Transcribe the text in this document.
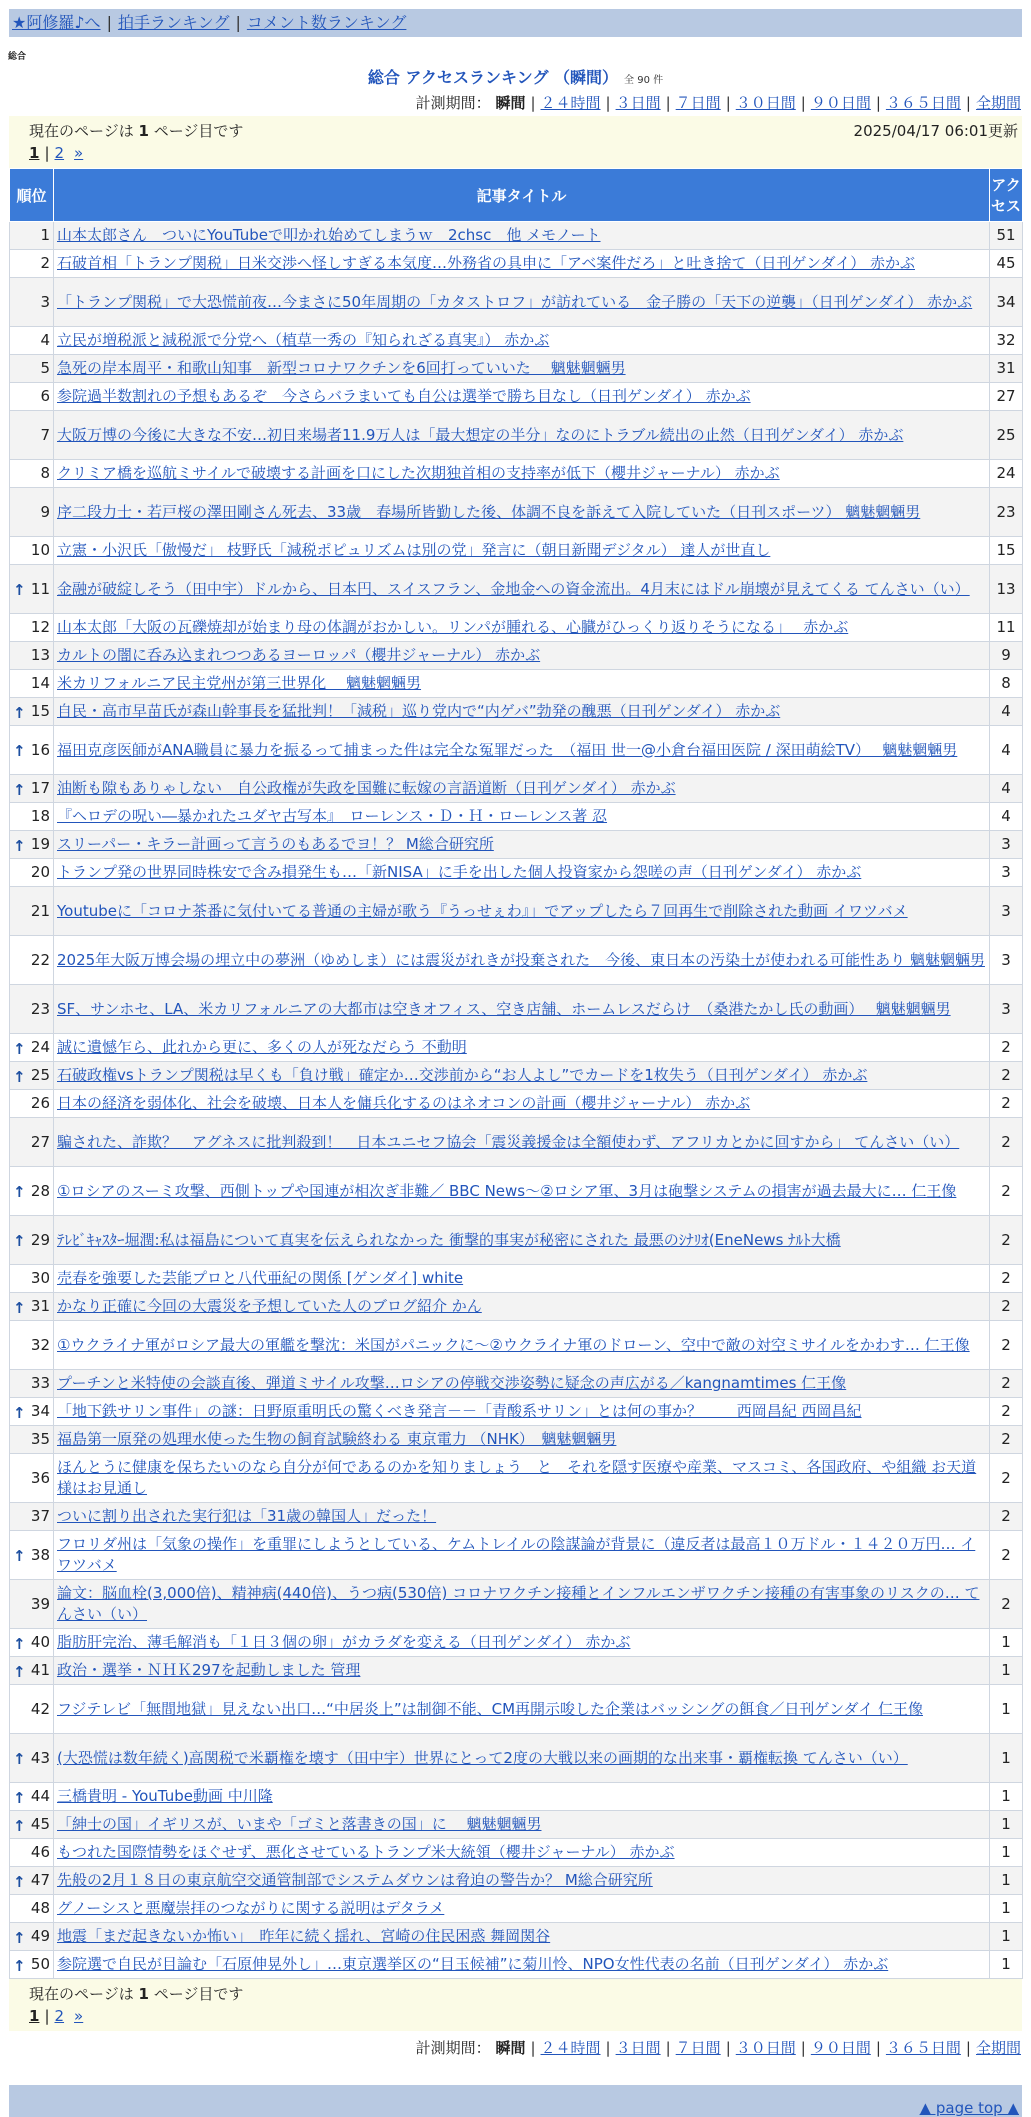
★阿修羅♪へ | 拍手ランキング | コメント数ランキング
総合
総合 アクセスランキング （瞬間） 全 90 件
計測期間： 瞬間 | ２４時間 | ３日間 | ７日間 | ３０日間 | ９０日間 | ３６５日間 | 全期間
現在のページは 1 ページ目です	2025/04/17 06:01更新
1 | 2 »
順位	記事タイトル	アクセス
1	山本太郎さん　ついにYouTubeで叩かれ始めてしまうｗ　2chsc　他 メモノート	51
2	石破首相「トランプ関税」日米交渉へ怪しすぎる本気度…外務省の具申に「アベ案件だろ」と吐き捨て（日刊ゲンダイ） 赤かぶ	45
3	「トランプ関税」で大恐慌前夜…今まさに50年周期の「カタストロフ」が訪れている　金子勝の「天下の逆襲」（日刊ゲンダイ） 赤かぶ	34
4	立民が増税派と減税派で分党へ（植草一秀の『知られざる真実』） 赤かぶ	32
5	急死の岸本周平・和歌山知事　新型コロナワクチンを6回打っていいた　 魑魅魍魎男	31
6	参院過半数割れの予想もあるぞ　今さらバラまいても自公は選挙で勝ち目なし（日刊ゲンダイ） 赤かぶ	27
7	大阪万博の今後に大きな不安…初日来場者11.9万人は「最大想定の半分」なのにトラブル続出の⽌然（日刊ゲンダイ） 赤かぶ	25
8	クリミア橋を巡航ミサイルで破壊する計画を口にした次期独首相の支持率が低下（櫻井ジャーナル） 赤かぶ	24
9	序二段力士・若戸桜の澤田剛さん死去、33歳　春場所皆勤した後、体調不良を訴えて入院していた（日刊スポーツ） 魑魅魍魎男	23
10	立憲・小沢氏「傲慢だ」 枝野氏「減税ポピュリズムは別の党」発言に（朝日新聞デジタル） 達人が世直し	15

↑ 11	金融が破綻しそう（田中宇）ドルから、日本円、スイスフラン、金地金への資金流出。4月末にはドル崩壊が見えてくる てんさい（い）	13
12	山本太郎「大阪の瓦礫焼却が始まり母の体調がおかしい。リンパが腫れる、心臓がひっくり返りそうになる」　 赤かぶ	11
13	カルトの闇に呑み込まれつつあるヨーロッパ（櫻井ジャーナル） 赤かぶ	9
14	米カリフォルニア民主党州が第三世界化　 魑魅魍魎男	8

↑ 15	自民・高市早苗氏が森山幹事長を猛批判！「減税」巡り党内で“内ゲバ”勃発の醜悪（日刊ゲンダイ） 赤かぶ	4

↑ 16	福田克彦医師がANA職員に暴力を振るって捕まった件は完全な冤罪だった　（福田 世一@小倉台福田医院 / 深田萌絵TV）　 魑魅魍魎男	4

↑ 17	油断も隙もありゃしない　自公政権が失政を国難に転嫁の言語道断（日刊ゲンダイ） 赤かぶ	4
18	『ヘロデの呪い―暴かれたユダヤ古写本』　ローレンス・Ｄ・Ｈ・ローレンス著 忍	4

↑ 19	スリーパー・キラー計画って言うのもあるでヨ！？ M総合研究所	3
20	トランプ発の世界同時株安で含み損発生も…「新NISA」に手を出した個人投資家から怨嗟の声（日刊ゲンダイ） 赤かぶ	3
21	Youtubeに「コロナ茶番に気付いてる普通の主婦が歌う『うっせぇわ』」でアップしたら７回再生で削除された動画 イワツバメ	3
22	2025年大阪万博会場の埋立中の夢洲（ゆめしま）には震災がれきが投棄された　今後、東日本の汚染土が使われる可能性あり 魑魅魍魎男	3
23	SF、サンホセ、LA、米カリフォルニアの大都市は空きオフィス、空き店舗、ホームレスだらけ　（桑港たかし氏の動画）　 魑魅魍魎男	3

↑ 24	誠に遺憾乍ら、此れから更に、多くの人が死なだらう 不動明	2

↑ 25	石破政権vsトランプ関税は早くも「負け戦」確定か…交渉前から“お人よし”でカードを1枚失う（日刊ゲンダイ） 赤かぶ	2
26	日本の経済を弱体化、社会を破壊、日本人を傭兵化するのはネオコンの計画（櫻井ジャーナル） 赤かぶ	2
27	騙された、詐欺？　アグネスに批判殺到！　日本ユニセフ協会「震災義援金は全額使わず、アフリカとかに回すから」 てんさい（い）	2

↑ 28	①ロシアのスーミ攻撃、西側トップや国連が相次ぎ非難／ BBC News～②ロシア軍、3月は砲撃システムの損害が過去最大に… 仁王像	2

↑ 29	ﾃﾚﾋﾞｷｬｽﾀｰ堀潤:私は福島について真実を伝えられなかった 衝撃的事実が秘密にされた 最悪のｼﾅﾘｵ(EneNews ﾅﾙﾄ大橋	2
30	売春を強要した芸能プロと八代亜紀の関係 [ゲンダイ] white	2

↑ 31	かなり正確に今回の大震災を予想していた人のブログ紹介 かん	2
32	①ウクライナ軍がロシア最大の軍艦を撃沈：米国がパニックに～②ウクライナ軍のドローン、空中で敵の対空ミサイルをかわす… 仁王像	2
33	プーチンと米特使の会談直後、弾道ミサイル攻撃…ロシアの停戦交渉姿勢に疑念の声広がる／kangnamtimes 仁王像	2

↑ 34	「地下鉄サリン事件」の謎：日野原重明氏の驚くべき発言－－「青酸系サリン」とは何の事か？　　 西岡昌紀 西岡昌紀	2
35	福島第一原発の処理水使った生物の飼育試験終わる 東京電力 （NHK）　魑魅魍魎男	2
36	ほんとうに健康を保ちたいのなら自分が何であるのかを知りましょう　と　それを隠す医療や産業、マスコミ、各国政府、や組織 お天道様はお見通し	2
37	ついに割り出された実行犯は「31歳の韓国人」だった！	2

↑ 38	フロリダ州は「気象の操作」を重罪にしようとしている、ケムトレイルの陰謀論が背景に（違反者は最高１０万ドル・１４２０万円… イワツバメ	2
39	論文：脳血栓(3,000倍)、精神病(440倍)、うつ病(530倍) コロナワクチン接種とインフルエンザワクチン接種の有害事象のリスクの… てんさい（い）	2

↑ 40	脂肪肝完治、薄毛解消も「１日３個の卵」がカラダを変える（日刊ゲンダイ） 赤かぶ	1

↑ 41	政治・選挙・ＮＨＫ297を起動しました 管理	1
42	フジテレビ「無間地獄」見えない出口…“中居炎上”は制御不能、CM再開示唆した企業はバッシングの餌食／日刊ゲンダイ 仁王像	1

↑ 43	(大恐慌は数年続く)高関税で米覇権を壊す（田中宇）世界にとって2度の大戦以来の画期的な出来事・覇権転換 てんさい（い）	1

↑ 44	三橋貴明 - YouTube動画 中川隆	1

↑ 45	「紳士の国」イギリスが、いまや「ゴミと落書きの国」に　 魑魅魍魎男	1
46	もつれた国際情勢をほぐせず、悪化させているトランプ米大統領（櫻井ジャーナル） 赤かぶ	1

↑ 47	先般の2月１８日の東京航空交通管制部でシステムダウンは脅迫の警告か？ M総合研究所	1
48	グノーシスと悪魔崇拝のつながりに関する説明はデタラメ	1

↑ 49	地震「まだ起きないか怖い」　昨年に続く揺れ、宮崎の住民困惑 舞岡関谷	1

↑ 50	参院選で自民が目論む「石原伸晃外し」…東京選挙区の“目玉候補”に菊川怜、NPO女性代表の名前（日刊ゲンダイ） 赤かぶ	1
現在のページは 1 ページ目です
1 | 2 »
計測期間： 瞬間 | ２４時間 | ３日間 | ７日間 | ３０日間 | ９０日間 | ３６５日間 | 全期間
▲ page top ▲
